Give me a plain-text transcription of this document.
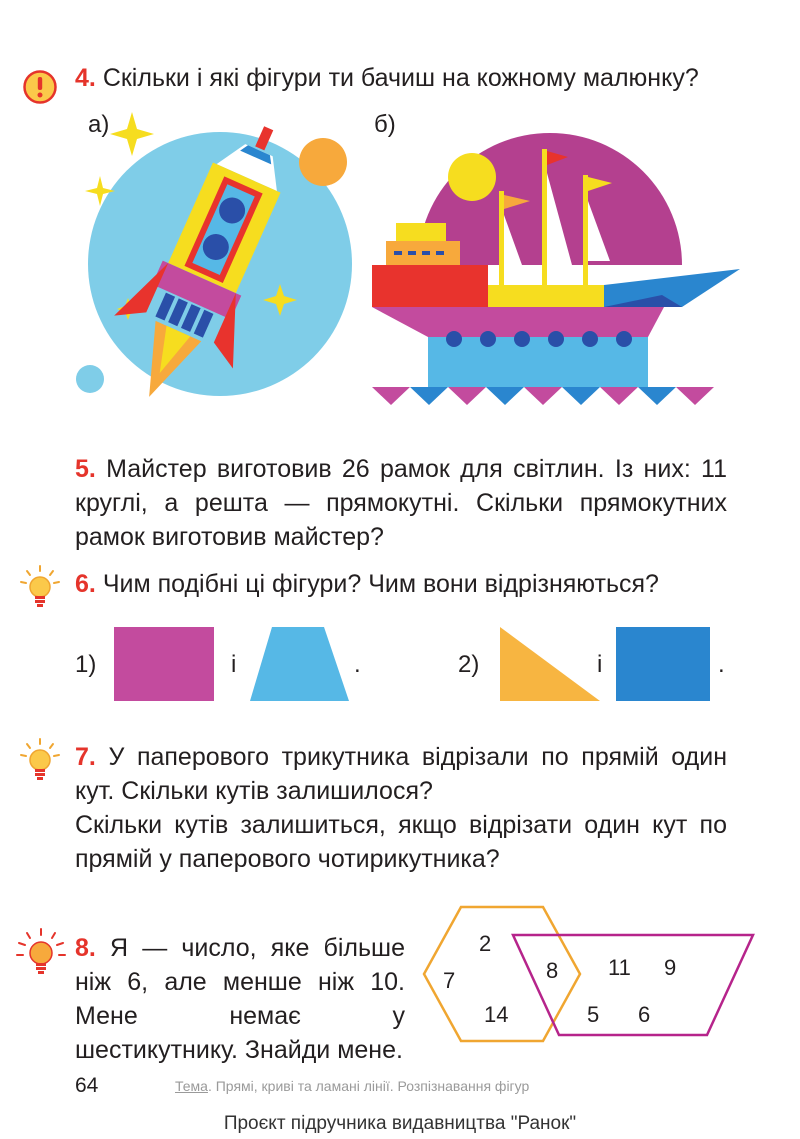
4. Скільки і які фігури ти бачиш на кожному малюнку?
а)	б)
5. Майстер виготовив 26 рамок для світлин. Із них: 11 круглі, а решта — прямокутні. Скільки прямокутних рамок виготовив майстер?
6. Чим подібні ці фігури? Чим вони відрізняються?
1)	і	.	2)	і	.
7. У паперового трикутника відрізали по прямій один кут. Скільки кутів залишилося?
Скільки кутів залишиться, якщо відрізати один кут по прямій у паперового чотирикутника?
8. Я — число, яке більше ніж 6, але менше ніж 10. Мене немає у шестикутнику. Знайди мене.
2
7
14
8 11 9
5 6
64	Тема. Прямі, криві та ламані лінії. Розпізнавання фігур
Проєкт підручника видавництва "Ранок"
